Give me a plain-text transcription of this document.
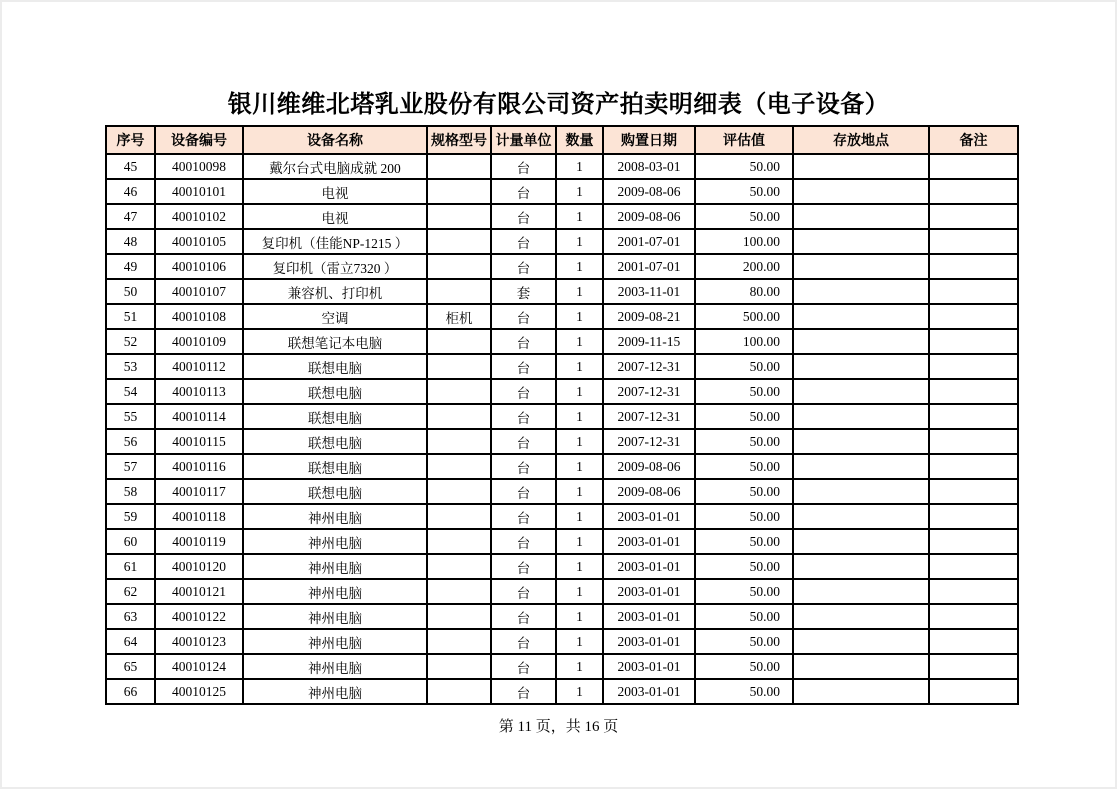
银川维维北塔乳业股份有限公司资产拍卖明细表（电子设备）
序号	设备编号	设备名称	规格型号	计量单位	数量	购置日期	评估值	存放地点	备注
45	40010098	戴尔台式电脑成就 200		台	1	2008-03-01	50.00		
46	40010101	电视		台	1	2009-08-06	50.00		
47	40010102	电视		台	1	2009-08-06	50.00		
48	40010105	复印机（佳能NP-1215 ）		台	1	2001-07-01	100.00		
49	40010106	复印机（雷立7320 ）		台	1	2001-07-01	200.00		
50	40010107	兼容机、打印机		套	1	2003-11-01	80.00		
51	40010108	空调	柜机	台	1	2009-08-21	500.00		
52	40010109	联想笔记本电脑		台	1	2009-11-15	100.00		
53	40010112	联想电脑		台	1	2007-12-31	50.00		
54	40010113	联想电脑		台	1	2007-12-31	50.00		
55	40010114	联想电脑		台	1	2007-12-31	50.00		
56	40010115	联想电脑		台	1	2007-12-31	50.00		
57	40010116	联想电脑		台	1	2009-08-06	50.00		
58	40010117	联想电脑		台	1	2009-08-06	50.00		
59	40010118	神州电脑		台	1	2003-01-01	50.00		
60	40010119	神州电脑		台	1	2003-01-01	50.00		
61	40010120	神州电脑		台	1	2003-01-01	50.00		
62	40010121	神州电脑		台	1	2003-01-01	50.00		
63	40010122	神州电脑		台	1	2003-01-01	50.00		
64	40010123	神州电脑		台	1	2003-01-01	50.00		
65	40010124	神州电脑		台	1	2003-01-01	50.00		
66	40010125	神州电脑		台	1	2003-01-01	50.00		
第 11 页，共 16 页
